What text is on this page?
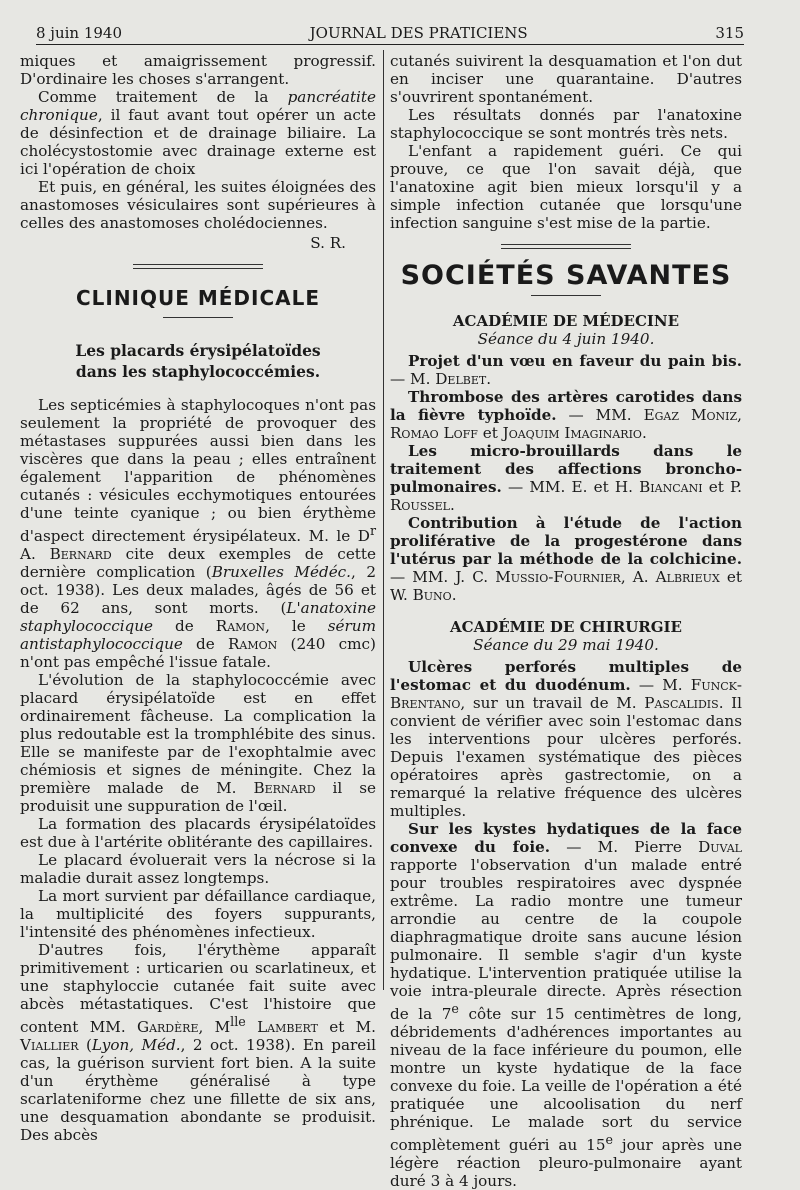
8 juin 1940	JOURNAL DES PRATICIENS	315

miques et amaigrissement progressif. D'ordinaire les choses s'arrangent.

Comme traitement de la pancréatite chronique, il faut avant tout opérer un acte de désinfection et de drainage biliaire. La cholécystostomie avec drainage externe est ici l'opération de choix

Et puis, en général, les suites éloignées des anastomoses vésiculaires sont supérieures à celles des anastomoses cholédociennes.

S. R.

CLINIQUE MÉDICALE
Les placards érysipélatoïdes
dans les staphylococcémies.

Les septicémies à staphylocoques n'ont pas seulement la propriété de provoquer des métastases suppurées aussi bien dans les viscères que dans la peau ; elles entraînent également l'apparition de phénomènes cutanés : vésicules ecchymotiques entourées d'une teinte cyanique ; ou bien érythème d'aspect directement érysipélateux. M. le $D^r$ A. Bernard cite deux exemples de cette dernière complication (Bruxelles Médéc., 2 oct. 1938). Les deux malades, âgés de 56 et de 62 ans, sont morts. (L'anatoxine staphylococcique de Ramon, le sérum antistaphylococcique de Ramon (240 cmc) n'ont pas empêché l'issue fatale.

L'évolution de la staphylococcémie avec placard érysipélatoïde est en effet ordinairement fâcheuse. La complication la plus redoutable est la tromphlébite des sinus. Elle se manifeste par de l'exophtalmie avec chémiosis et signes de méningite. Chez la première malade de M. Bernard il se produisit une suppuration de l'œil.

La formation des placards érysipélatoïdes est due à l'artérite oblitérante des capillaires.

Le placard évoluerait vers la nécrose si la maladie durait assez longtemps.

La mort survient par défaillance cardiaque, la multiplicité des foyers suppurants, l'intensité des phénomènes infectieux.

D'autres fois, l'érythème apparaît primitivement : urticarien ou scarlatineux, et une staphyloccie cutanée fait suite avec abcès métastatiques. C'est l'histoire que content MM. Gardère, $M^{lle}$ Lambert et M. Viallier (Lyon, Méd., 2 oct. 1938). En pareil cas, la guérison survient fort bien. A la suite d'un érythème généralisé à type scarlateniforme chez une fillette de six ans, une desquamation abondante se produisit. Des abcès

cutanés suivirent la desquamation et l'on dut en inciser une quarantaine. D'autres s'ouvrirent spontanément.

Les résultats donnés par l'anatoxine staphylococcique se sont montrés très nets.

L'enfant a rapidement guéri. Ce qui prouve, ce que l'on savait déjà, que l'anatoxine agit bien mieux lorsqu'il y a simple infection cutanée que lorsqu'une infection sanguine s'est mise de la partie.

SOCIÉTÉS SAVANTES
ACADÉMIE DE MÉDECINE
Séance du 4 juin 1940.

Projet d'un vœu en faveur du pain bis. — M. Delbet.

Thrombose des artères carotides dans la fièvre typhoïde. — MM. Egaz Moniz, Romao Loff et Joaquim Imaginario.

Les micro-brouillards dans le traitement des affections broncho-pulmonaires. — MM. E. et H. Biancani et P. Roussel.

Contribution à l'étude de l'action proliférative de la progestérone dans l'utérus par la méthode de la colchicine. — MM. J. C. Mussio-Fournier, A. Albrieux et W. Buno.

ACADÉMIE DE CHIRURGIE
Séance du 29 mai 1940.

Ulcères perforés multiples de l'estomac et du duodénum. — M. Funck-Brentano, sur un travail de M. Pascalidis. Il convient de vérifier avec soin l'estomac dans les interventions pour ulcères perforés. Depuis l'examen systématique des pièces opératoires après gastrectomie, on a remarqué la relative fréquence des ulcères multiples.

Sur les kystes hydatiques de la face convexe du foie. — M. Pierre Duval rapporte l'observation d'un malade entré pour troubles respiratoires avec dyspnée extrême. La radio montre une tumeur arrondie au centre de la coupole diaphragmatique droite sans aucune lésion pulmonaire. Il semble s'agir d'un kyste hydatique. L'intervention pratiquée utilise la voie intra-pleurale directe. Après résection de la 7e côte sur 15 centimètres de long, débridements d'adhérences importantes au niveau de la face inférieure du poumon, elle montre un kyste hydatique de la face convexe du foie. La veille de l'opération a été pratiquée une alcoolisation du nerf phrénique. Le malade sort du service complètement guéri au 15e jour après une légère réaction pleuro-pulmonaire ayant duré 3 à 4 jours.
